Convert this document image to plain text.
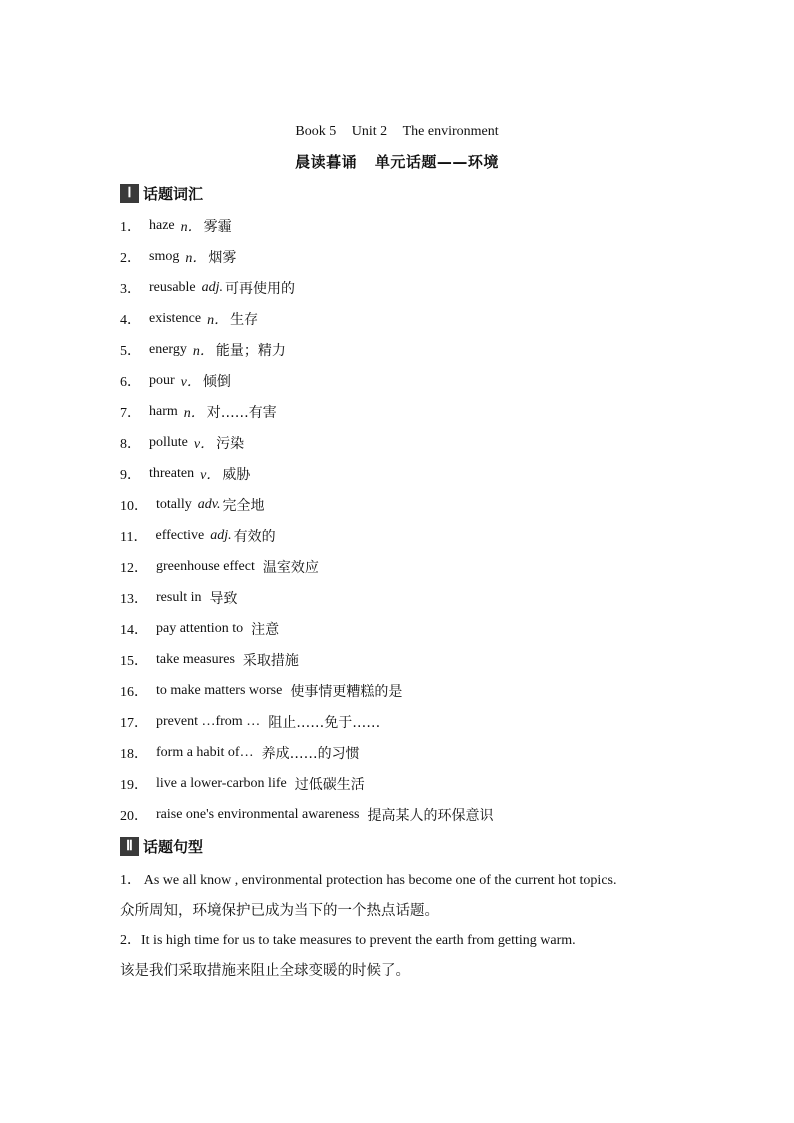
Book 5 Unit 2 The environment
晨读暮诵 单元话题——环境
Ⅰ 话题词汇
1． haze n． 雾霾
2． smog n． 烟雾
3． reusable adj. 可再使用的
4． existence n． 生存
5． energy n． 能量；精力
6． pour v． 倾倒
7． harm n． 对……有害
8． pollute v． 污染
9． threaten v． 威胁
10． totally adv. 完全地
11． effective adj. 有效的
12． greenhouse effect 温室效应
13． result in 导致
14． pay attention to 注意
15． take measures 采取措施
16． to make matters worse 使事情更糟糕的是
17． prevent …from … 阻止……免于……
18． form a habit of… 养成……的习惯
19． live a lower-carbon life 过低碳生活
20． raise one's environmental awareness 提高某人的环保意识
Ⅱ 话题句型
1． As we all know , environmental protection has become one of the current hot topics.
众所周知，环境保护已成为当下的一个热点话题。
2．It is high time for us to take measures to prevent the earth from getting warm.
该是我们采取措施来阻止全球变暖的时候了。
